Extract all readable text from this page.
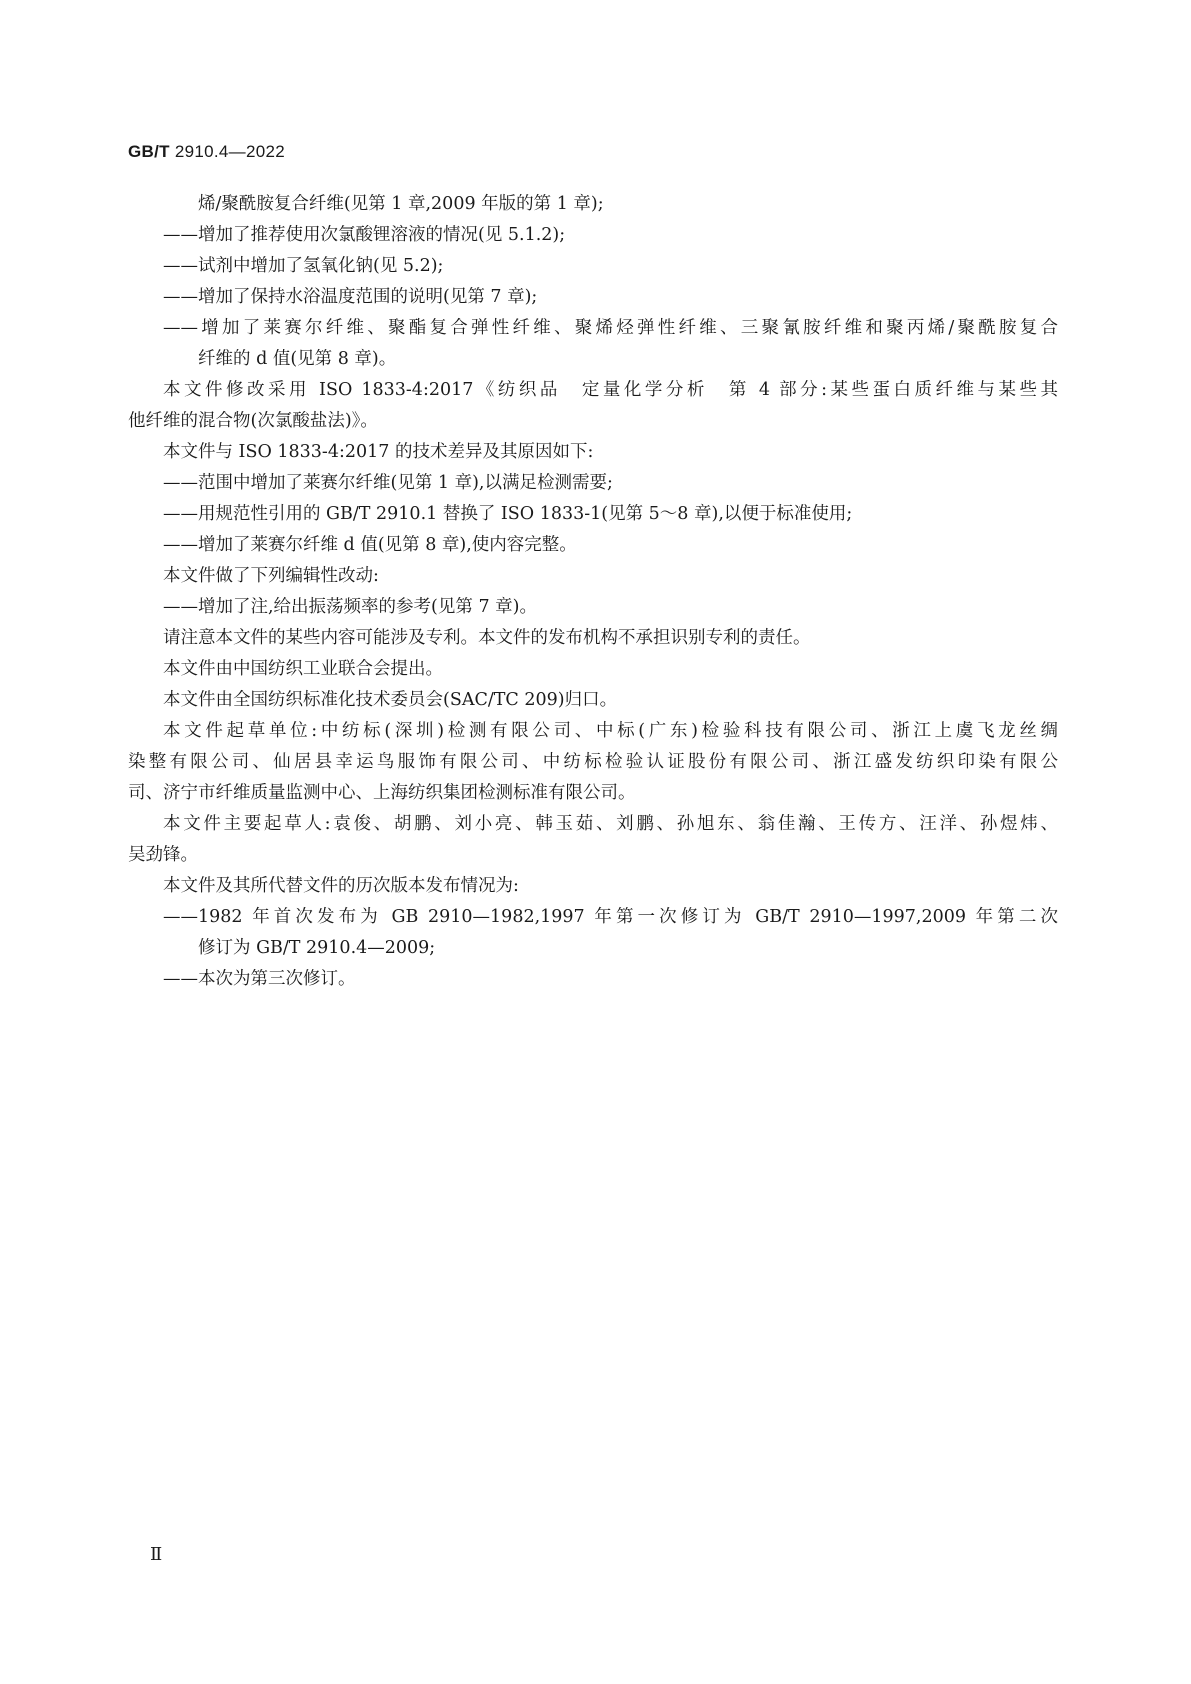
GB/T 2910.4—2022
烯/聚酰胺复合纤维(见第 1 章,2009 年版的第 1 章);
——增加了推荐使用次氯酸锂溶液的情况(见 5.1.2);
——试剂中增加了氢氧化钠(见 5.2);
——增加了保持水浴温度范围的说明(见第 7 章);
——增加了莱赛尔纤维、聚酯复合弹性纤维、聚烯烃弹性纤维、三聚氰胺纤维和聚丙烯/聚酰胺复合
纤维的 d 值(见第 8 章)。
本文件修改采用 ISO 1833-4:2017《纺织品　定量化学分析　第 4 部分:某些蛋白质纤维与某些其
他纤维的混合物(次氯酸盐法)》。
本文件与 ISO 1833-4:2017 的技术差异及其原因如下:
——范围中增加了莱赛尔纤维(见第 1 章),以满足检测需要;
——用规范性引用的 GB/T 2910.1 替换了 ISO 1833-1(见第 5～8 章),以便于标准使用;
——增加了莱赛尔纤维 d 值(见第 8 章),使内容完整。
本文件做了下列编辑性改动:
——增加了注,给出振荡频率的参考(见第 7 章)。
请注意本文件的某些内容可能涉及专利。本文件的发布机构不承担识别专利的责任。
本文件由中国纺织工业联合会提出。
本文件由全国纺织标准化技术委员会(SAC/TC 209)归口。
本文件起草单位:中纺标(深圳)检测有限公司、中标(广东)检验科技有限公司、浙江上虞飞龙丝绸
染整有限公司、仙居县幸运鸟服饰有限公司、中纺标检验认证股份有限公司、浙江盛发纺织印染有限公
司、济宁市纤维质量监测中心、上海纺织集团检测标准有限公司。
本文件主要起草人:袁俊、胡鹏、刘小亮、韩玉茹、刘鹏、孙旭东、翁佳瀚、王传方、汪洋、孙煜炜、
吴劲锋。
本文件及其所代替文件的历次版本发布情况为:
——1982 年首次发布为 GB 2910—1982,1997 年第一次修订为 GB/T 2910—1997,2009 年第二次
修订为 GB/T 2910.4—2009;
——本次为第三次修订。
Ⅱ
